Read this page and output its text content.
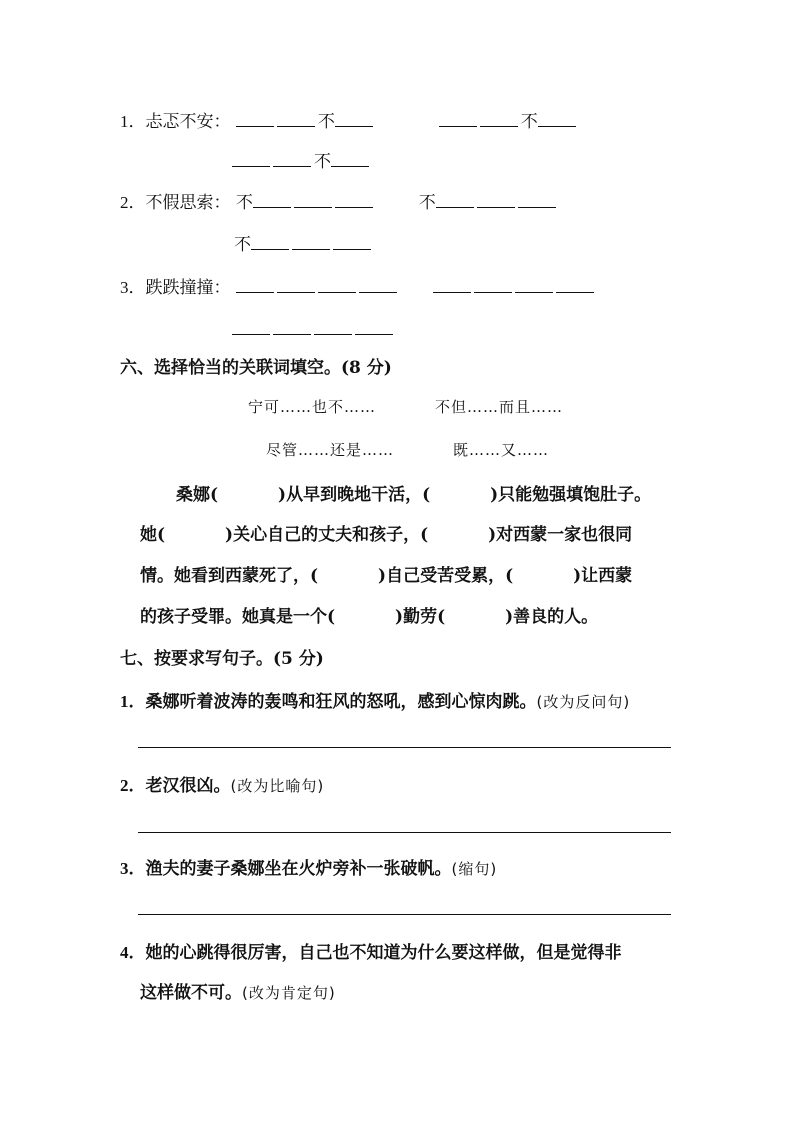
1．忐忑不安：	不	不
不
2．不假思索： 不	不
不
3．跌跌撞撞：
六、选择恰当的关联词填空。(8 分)
宁可……也不……	不但……而且……
尽管……还是……	既……又……
桑娜(	)从早到晚地干活，(	)只能勉强填饱肚子。
她(	)关心自己的丈夫和孩子，(	)对西蒙一家也很同
情。她看到西蒙死了，(	)自己受苦受累，(	)让西蒙
的孩子受罪。她真是一个(	)勤劳(	)善良的人。
七、按要求写句子。(5 分)
1．桑娜听着波涛的轰鸣和狂风的怒吼，感到心惊肉跳。(改为反问句)
2．老汉很凶。(改为比喻句)
3．渔夫的妻子桑娜坐在火炉旁补一张破帆。(缩句)
4．她的心跳得很厉害，自己也不知道为什么要这样做，但是觉得非
这样做不可。(改为肯定句)
